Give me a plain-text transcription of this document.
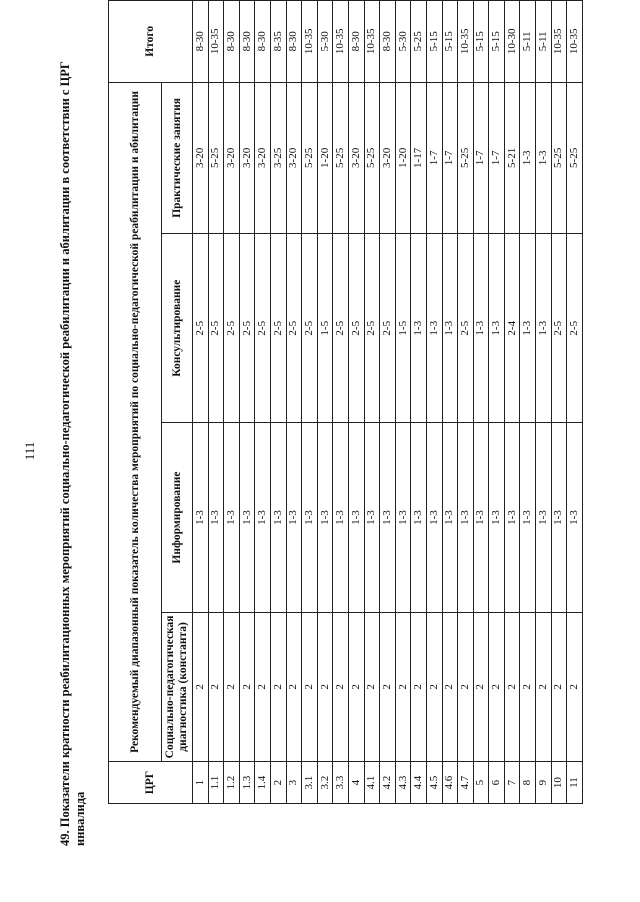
111 49. Показатели кратности реабилитационных мероприятий социально-педагогической реабилитации и абилитации в соответствии с ЦРГ инвалида
ЦРГ	Рекомендуемый диапазонный показатель количества мероприятий по социально-педагогической реабилитации и абилитации				Итого
	Социально-педагогическая диагностика (константа)	Информирование	Консультирование	Практические занятия	
1	2	1-3	2-5	3-20	8-30
1.1	2	1-3	2-5	5-25	10-35
1.2	2	1-3	2-5	3-20	8-30
1.3	2	1-3	2-5	3-20	8-30
1.4	2	1-3	2-5	3-20	8-30
2	2	1-3	2-5	3-25	8-35
3	2	1-3	2-5	3-20	8-30
3.1	2	1-3	2-5	5-25	10-35
3.2	2	1-3	1-5	1-20	5-30
3.3	2	1-3	2-5	5-25	10-35
4	2	1-3	2-5	3-20	8-30
4.1	2	1-3	2-5	5-25	10-35
4.2	2	1-3	2-5	3-20	8-30
4.3	2	1-3	1-5	1-20	5-30
4.4	2	1-3	1-3	1-17	5-25
4.5	2	1-3	1-3	1-7	5-15
4.6	2	1-3	1-3	1-7	5-15
4.7	2	1-3	2-5	5-25	10-35
5	2	1-3	1-3	1-7	5-15
6	2	1-3	1-3	1-7	5-15
7	2	1-3	2-4	5-21	10-30
8	2	1-3	1-3	1-3	5-11
9	2	1-3	1-3	1-3	5-11
10	2	1-3	2-5	5-25	10-35
11	2	1-3	2-5	5-25	10-35
